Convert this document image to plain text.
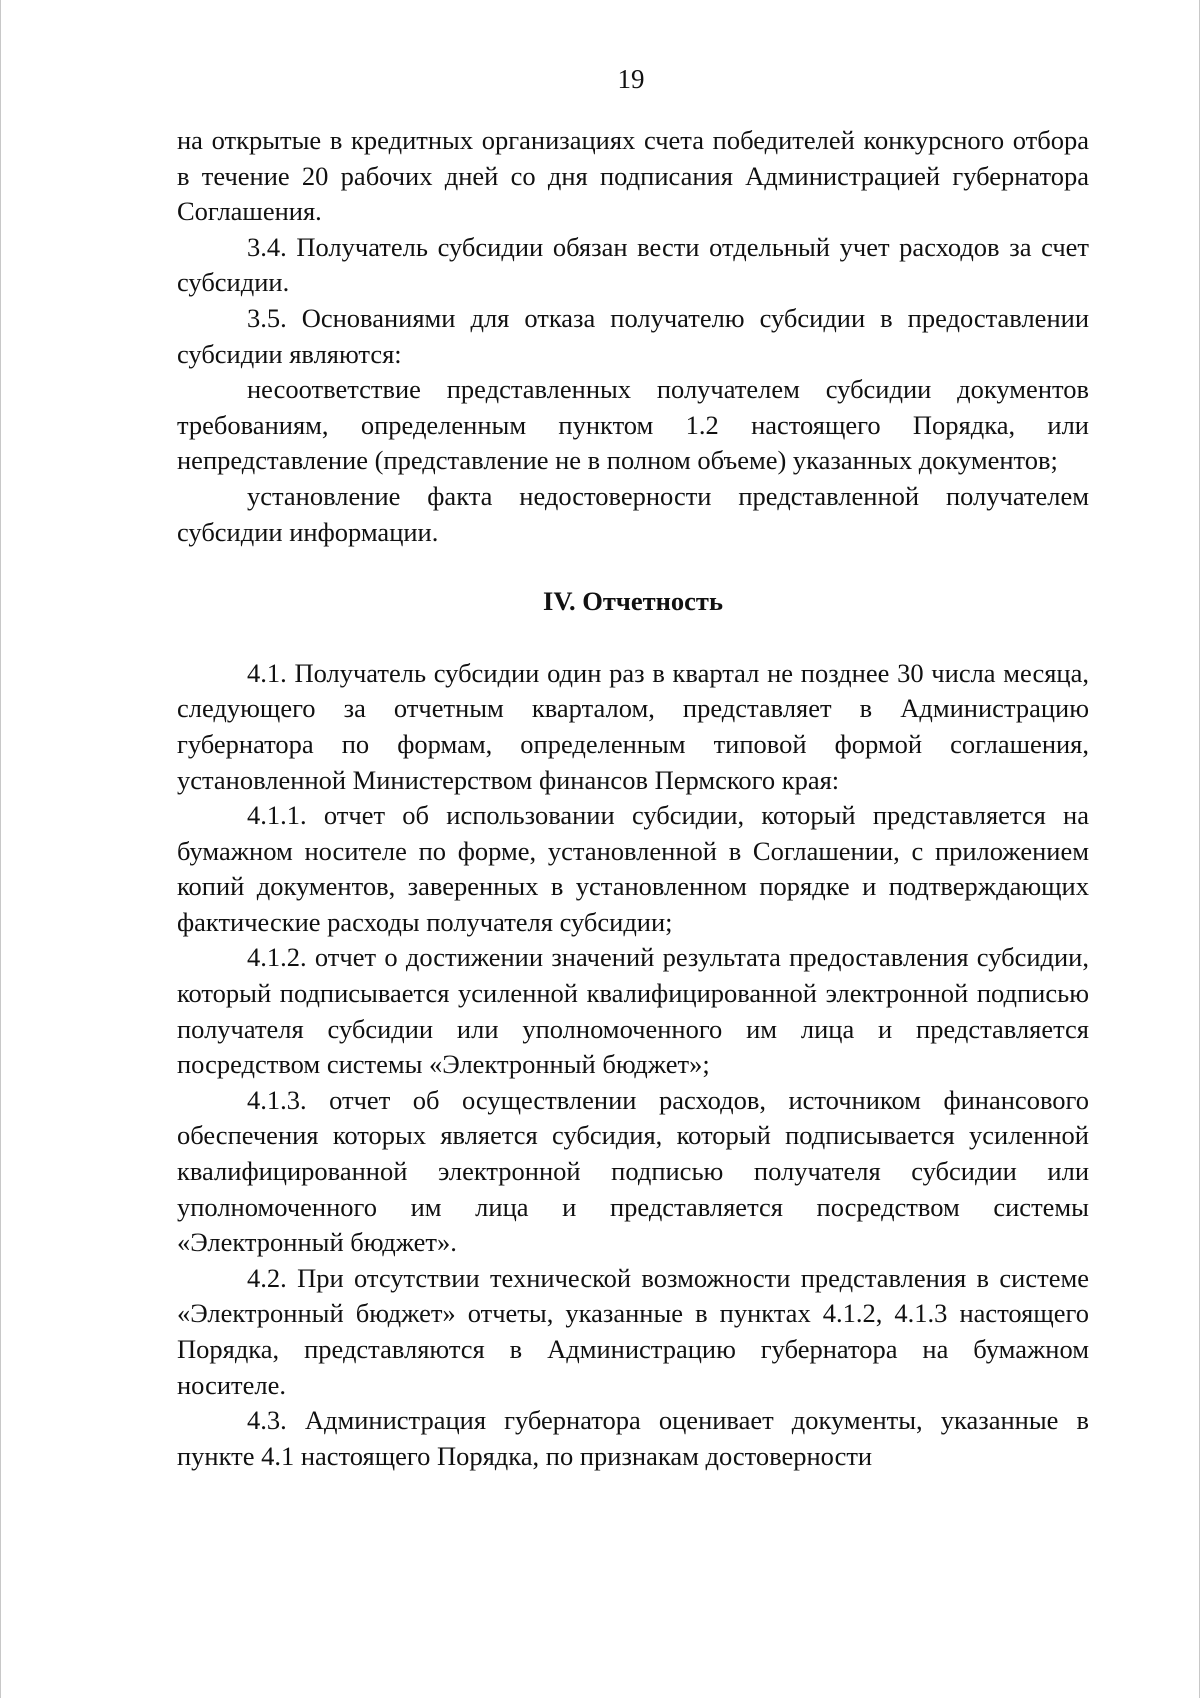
19

на открытые в кредитных организациях счета победителей конкурсного отбора в течение 20 рабочих дней со дня подписания Администрацией губернатора Соглашения.

3.4. Получатель субсидии обязан вести отдельный учет расходов за счет субсидии.

3.5. Основаниями для отказа получателю субсидии в предоставлении субсидии являются:

несоответствие представленных получателем субсидии документов требованиям, определенным пунктом 1.2 настоящего Порядка, или непредставление (представление не в полном объеме) указанных документов;

установление факта недостоверности представленной получателем субсидии информации.

IV. Отчетность

4.1. Получатель субсидии один раз в квартал не позднее 30 числа месяца, следующего за отчетным кварталом, представляет в Администрацию губернатора по формам, определенным типовой формой соглашения, установленной Министерством финансов Пермского края:

4.1.1. отчет об использовании субсидии, который представляется на бумажном носителе по форме, установленной в Соглашении, с приложением копий документов, заверенных в установленном порядке и подтверждающих фактические расходы получателя субсидии;

4.1.2. отчет о достижении значений результата предоставления субсидии, который подписывается усиленной квалифицированной электронной подписью получателя субсидии или уполномоченного им лица и представляется посредством системы «Электронный бюджет»;

4.1.3. отчет об осуществлении расходов, источником финансового обеспечения которых является субсидия, который подписывается усиленной квалифицированной электронной подписью получателя субсидии или уполномоченного им лица и представляется посредством системы «Электронный бюджет».

4.2. При отсутствии технической возможности представления в системе «Электронный бюджет» отчеты, указанные в пунктах 4.1.2, 4.1.3 настоящего Порядка, представляются в Администрацию губернатора на бумажном носителе.

4.3. Администрация губернатора оценивает документы, указанные в пункте 4.1 настоящего Порядка, по признакам достоверности
